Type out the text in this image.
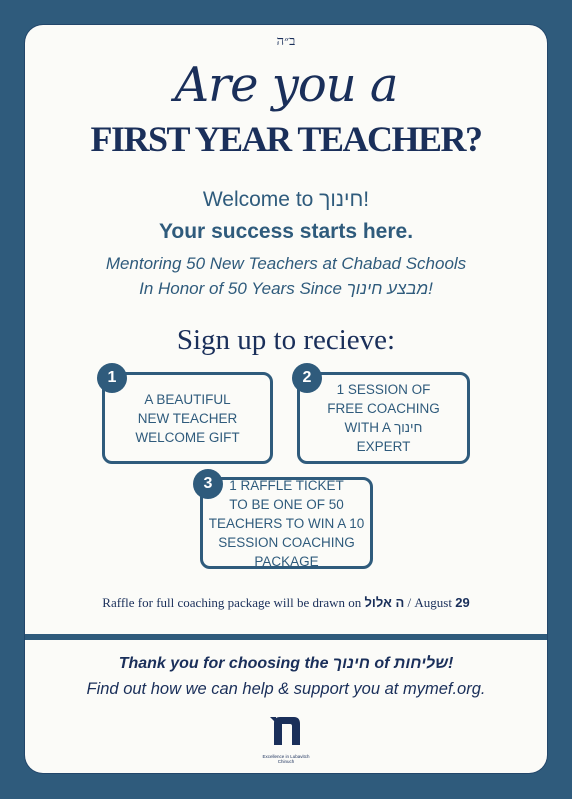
ב״ה
Are you a
FIRST YEAR TEACHER?
Welcome to חינוך!
Your success starts here.
Mentoring 50 New Teachers at Chabad Schools
In Honor of 50 Years Since מבצע חינוך!
Sign up to recieve:
A BEAUTIFUL
NEW TEACHER
WELCOME GIFT
1
1 SESSION OF
FREE COACHING
WITH A חינוך
EXPERT
2
1 RAFFLE TICKET
TO BE ONE OF 50
TEACHERS TO WIN A 10
SESSION COACHING
PACKAGE
3
Raffle for full coaching package will be drawn on ה אלול / August 29
Thank you for choosing the חינוך of שליחות!
Find out how we can help & support you at mymef.org.
Excellence in Lubavitch Chinuch
